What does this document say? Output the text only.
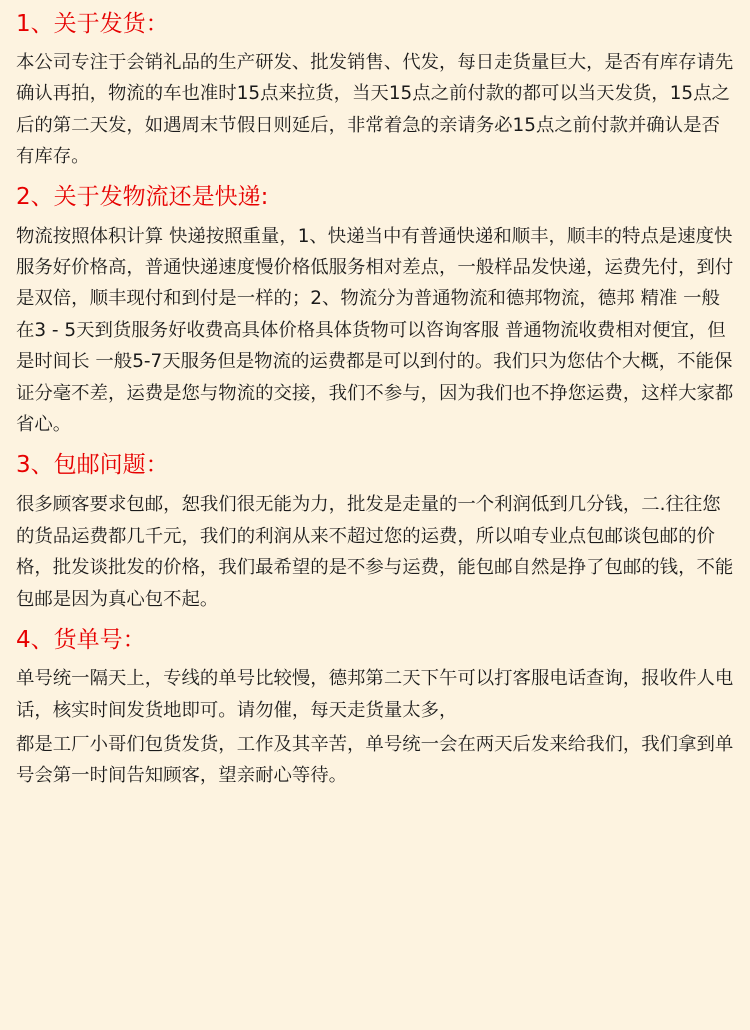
1、关于发货：

本公司专注于会销礼品的生产研发、批发销售、代发，每日走货量巨大，是否有库存请先确认再拍，物流的车也准时15点来拉货，当天15点之前付款的都可以当天发货，15点之后的第二天发，如遇周末节假日则延后，非常着急的亲请务必15点之前付款并确认是否有库存。

2、关于发物流还是快递:

物流按照体积计算 快递按照重量，1、快递当中有普通快递和顺丰，顺丰的特点是速度快服务好价格高，普通快递速度慢价格低服务相对差点，一般样品发快递，运费先付，到付是双倍，顺丰现付和到付是一样的；2、物流分为普通物流和德邦物流，德邦 精准 一般在3 - 5天到货服务好收费高具体价格具体货物可以咨询客服 普通物流收费相对便宜，但是时间长 一般5-7天服务但是物流的运费都是可以到付的。我们只为您估个大概，不能保证分毫不差，运费是您与物流的交接，我们不参与，因为我们也不挣您运费，这样大家都省心。

3、包邮问题：

很多顾客要求包邮，恕我们很无能为力，批发是走量的一个利润低到几分钱，二.往往您的货品运费都几千元，我们的利润从来不超过您的运费，所以咱专业点包邮谈包邮的价格，批发谈批发的价格，我们最希望的是不参与运费，能包邮自然是挣了包邮的钱，不能包邮是因为真心包不起。

4、货单号：

单号统一隔天上，专线的单号比较慢，德邦第二天下午可以打客服电话查询，报收件人电话，核实时间发货地即可。请勿催，每天走货量太多，

都是工厂小哥们包货发货，工作及其辛苦，单号统一会在两天后发来给我们，我们拿到单号会第一时间告知顾客，望亲耐心等待。
